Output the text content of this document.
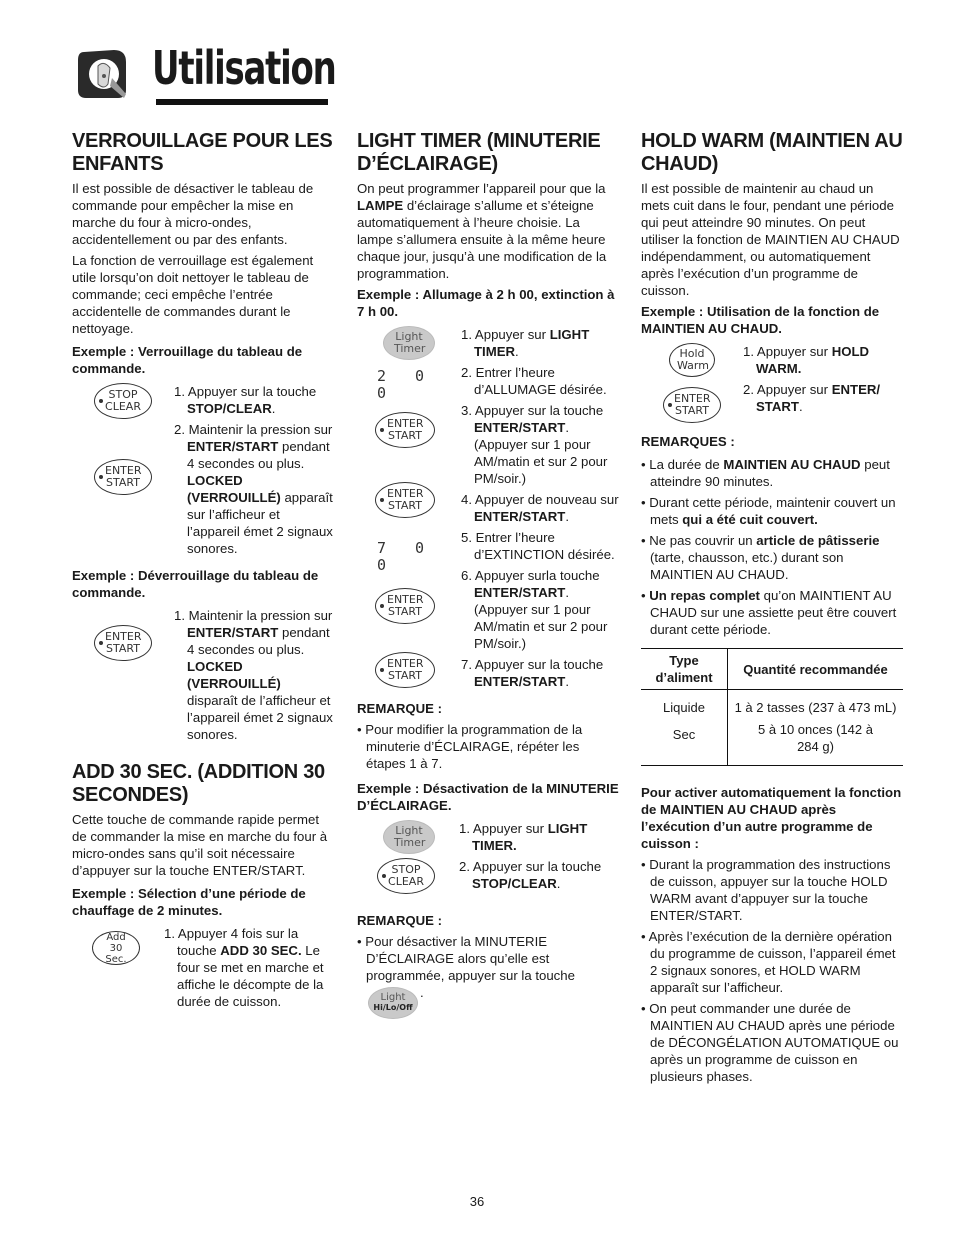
Utilisation
VERROUILLAGE POUR LES ENFANTS

Il est possible de désactiver le tableau de commande pour empêcher la mise en marche du four à micro-ondes, accidentellement ou par des enfants.

La fonction de verrouillage est également utile lorsqu’on doit nettoyer le tableau de commande; ceci empêche l’entrée accidentelle de commandes durant le nettoyage.

Exemple : Verrouillage du tableau de commande.

STOP CLEAR
ENTER START

1. Appuyer sur la touche STOP/CLEAR.

2. Maintenir la pression sur ENTER/START pendant 4 secondes ou plus. LOCKED (VERROUILLÉ) apparaît sur l’afficheur et l’appareil émet 2 signaux sonores.

Exemple : Déverrouillage du tableau de commande.

ENTER START

1. Maintenir la pression sur ENTER/START pendant 4 secondes ou plus. LOCKED (VERROUILLÉ) disparaît de l’afficheur et l’appareil émet 2 signaux sonores.

ADD 30 SEC. (ADDITION 30 SECONDES)

Cette touche de commande rapide permet de commander la mise en marche du four à micro-ondes sans qu’il soit nécessaire d’appuyer sur la touche ENTER/START.

Exemple : Sélection d’une période de chauffage de 2 minutes.

Add 30 Sec.

1. Appuyer 4 fois sur la touche ADD 30 SEC. Le four se met en marche et affiche le décompte de la durée de cuisson.

LIGHT TIMER (MINUTERIE D’ÉCLAIRAGE)

On peut programmer l’appareil pour que la LAMPE d’éclairage s’allume et s’éteigne automatiquement à l’heure choisie. La lampe s’allumera ensuite à la même heure chaque jour, jusqu’à une modification de la programmation.

Exemple : Allumage à 2 h 00, extinction à 7 h 00.

Light Timer
2 0 0
ENTER START
ENTER START
7 0 0
ENTER START
ENTER START

1. Appuyer sur LIGHT TIMER.

2. Entrer l’heure d’ALLUMAGE désirée.

3. Appuyer sur la touche ENTER/START. (Appuyer sur 1 pour AM/matin et sur 2 pour PM/soir.)

4. Appuyer de nouveau sur ENTER/START.

5. Entrer l’heure d’EXTINCTION désirée.

6. Appuyer surla touche ENTER/START. (Appuyer sur 1 pour AM/matin et sur 2 pour PM/soir.)

7. Appuyer sur la touche ENTER/START.

REMARQUE :

• Pour modifier la programmation de la minuterie d’ÉCLAIRAGE, répéter les étapes 1 à 7.

Exemple : Désactivation de la MINUTERIE D’ÉCLAIRAGE.

Light Timer
STOP CLEAR

1. Appuyer sur LIGHT TIMER.

2. Appuyer sur la touche STOP/CLEAR.

REMARQUE :

• Pour désactiver la MINUTERIE D’ÉCLAIRAGE alors qu’elle est programmée, appuyer sur la touche
Light
Hi/Lo/Off
.
HOLD WARM (MAINTIEN AU CHAUD)

Il est possible de maintenir au chaud un mets cuit dans le four, pendant une période qui peut atteindre 90 minutes. On peut utiliser la fonction de MAINTIEN AU CHAUD indépendamment, ou automatiquement après l’exécution d’un programme de cuisson.

Exemple : Utilisation de la fonction de MAINTIEN AU CHAUD.

Hold Warm
ENTER START

1. Appuyer sur HOLD WARM.

2. Appuyer sur ENTER/ START.

REMARQUES :

• La durée de MAINTIEN AU CHAUD peut atteindre 90 minutes.
• Durant cette période, maintenir couvert un mets qui a été cuit couvert.
• Ne pas couvrir un article de pâtisserie (tarte, chausson, etc.) durant son MAINTIEN AU CHAUD.
• Un repas complet qu’on MAINTIENT AU CHAUD sur une assiette peut être couvert durant cette période.
Type d’aliment	Quantité recommandée
Liquide	1 à 2 tasses (237 à 473 mL)
Sec	5 à 10 onces (142 à 284 g)

Pour activer automatiquement la fonction de MAINTIEN AU CHAUD après l’exécution d’un autre programme de cuisson :

• Durant la programmation des instructions de cuisson, appuyer sur la touche HOLD WARM avant d’appuyer sur la touche ENTER/START.
• Après l’exécution de la dernière opération du programme de cuisson, l’appareil émet 2 signaux sonores, et HOLD WARM apparaît sur l’afficheur.
• On peut commander une durée de MAINTIEN AU CHAUD après une période de DÉCONGÉLATION AUTOMATIQUE ou après un programme de cuisson en plusieurs phases.
36
